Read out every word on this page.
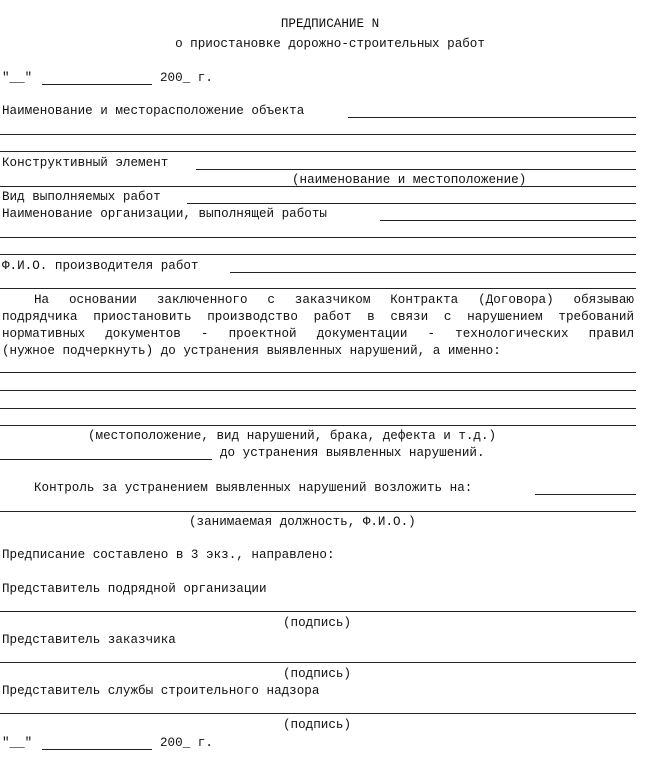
ПРЕДПИСАНИЕ N
о приостановке дорожно-строительных работ
"__"	200_ г.
Наименование и месторасположение объекта
Конструктивный элемент
(наименование и местоположение)
Вид выполняемых работ
Наименование организации, выполнящей работы
Ф.И.О. производителя работ
На основании заключенного с заказчиком Контракта (Договора) обязываю
подрядчика приостановить производство работ в связи с нарушением требований
нормативных документов - проектной документации - технологических правил
(нужное подчеркнуть) до устранения выявленных нарушений, а именно:
(местоположение, вид нарушений, брака, дефекта и т.д.)
до устранения выявленных нарушений.
Контроль за устранением выявленных нарушений возложить на:
(занимаемая должность, Ф.И.О.)
Предписание составлено в 3 экз., направлено:
Представитель подрядной организации
(подпись)
Представитель заказчика
(подпись)
Представитель службы строительного надзора
(подпись)
"__"	200_ г.
